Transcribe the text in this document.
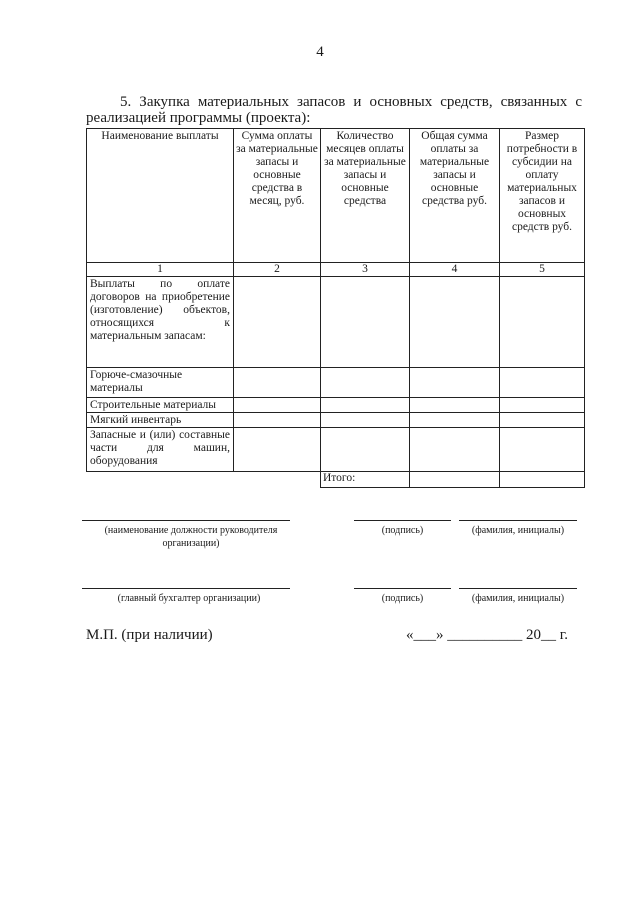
4
5. Закупка материальных запасов и основных средств, связанных с реализацией программы (проекта):
Наименование выплаты	Сумма оплаты за материальные запасы и основные средства в месяц, руб.	Количество месяцев оплаты за материальные запасы и основные средства	Общая сумма оплаты за материальные запасы и основные средства руб.	Размер потребности в субсидии на оплату материальных запасов и основных средств руб.
1	2	3	4	5
Выплаты по оплате договоров на приобретение (изготовление) объектов, относящихся к материальным запасам:				
Горюче-смазочные материалы				
Строительные материалы				
Мягкий инвентарь				
Запасные и (или) составные части для машин, оборудования				
		Итого:		
(наименование должности руководителя организации)
(подпись)	(фамилия, инициалы)
(главный бухгалтер организации)	(подпись)	(фамилия, инициалы)
М.П. (при наличии)	«___» __________ 20__ г.
